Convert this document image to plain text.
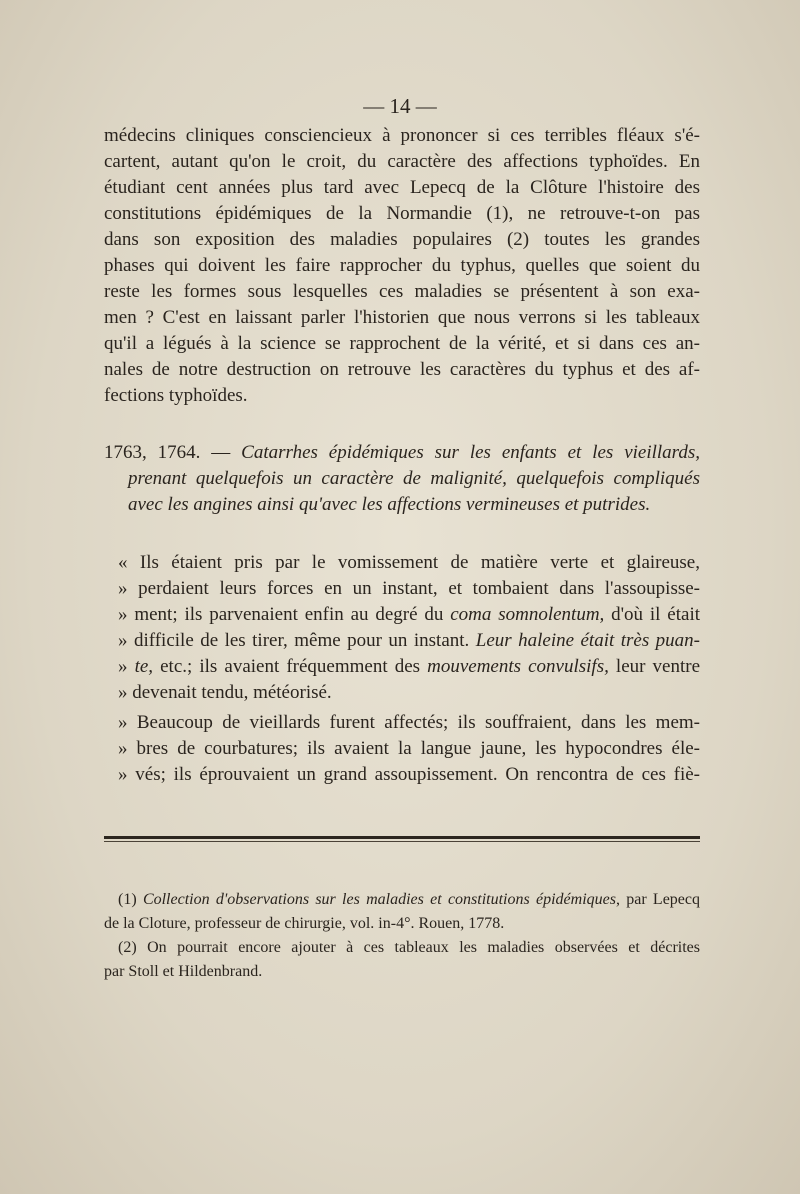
— 14 —
médecins cliniques consciencieux à prononcer si ces terribles fléaux s'é-
cartent, autant qu'on le croit, du caractère des affections typhoïdes. En
étudiant cent années plus tard avec Lepecq de la Clôture l'histoire des
constitutions épidémiques de la Normandie (1), ne retrouve-t-on pas
dans son exposition des maladies populaires (2) toutes les grandes
phases qui doivent les faire rapprocher du typhus, quelles que soient du
reste les formes sous lesquelles ces maladies se présentent à son exa-
men ? C'est en laissant parler l'historien que nous verrons si les tableaux
qu'il a légués à la science se rapprochent de la vérité, et si dans ces an-
nales de notre destruction on retrouve les caractères du typhus et des af-
fections typhoïdes.
1763, 1764. — Catarrhes épidémiques sur les enfants et les vieillards,
prenant quelquefois un caractère de malignité, quelquefois compliqués
avec les angines ainsi qu'avec les affections vermineuses et putrides.
« Ils étaient pris par le vomissement de matière verte et glaireuse,
» perdaient leurs forces en un instant, et tombaient dans l'assoupisse-
» ment; ils parvenaient enfin au degré du coma somnolentum, d'où il était
» difficile de les tirer, même pour un instant. Leur haleine était très puan-
» te, etc.; ils avaient fréquemment des mouvements convulsifs, leur ventre
» devenait tendu, météorisé.
» Beaucoup de vieillards furent affectés; ils souffraient, dans les mem-
» bres de courbatures; ils avaient la langue jaune, les hypocondres éle-
» vés; ils éprouvaient un grand assoupissement. On rencontra de ces fiè-
(1) Collection d'observations sur les maladies et constitutions épidémiques, par Lepecq
de la Cloture, professeur de chirurgie, vol. in-4°. Rouen, 1778.
(2) On pourrait encore ajouter à ces tableaux les maladies observées et décrites
par Stoll et Hildenbrand.
